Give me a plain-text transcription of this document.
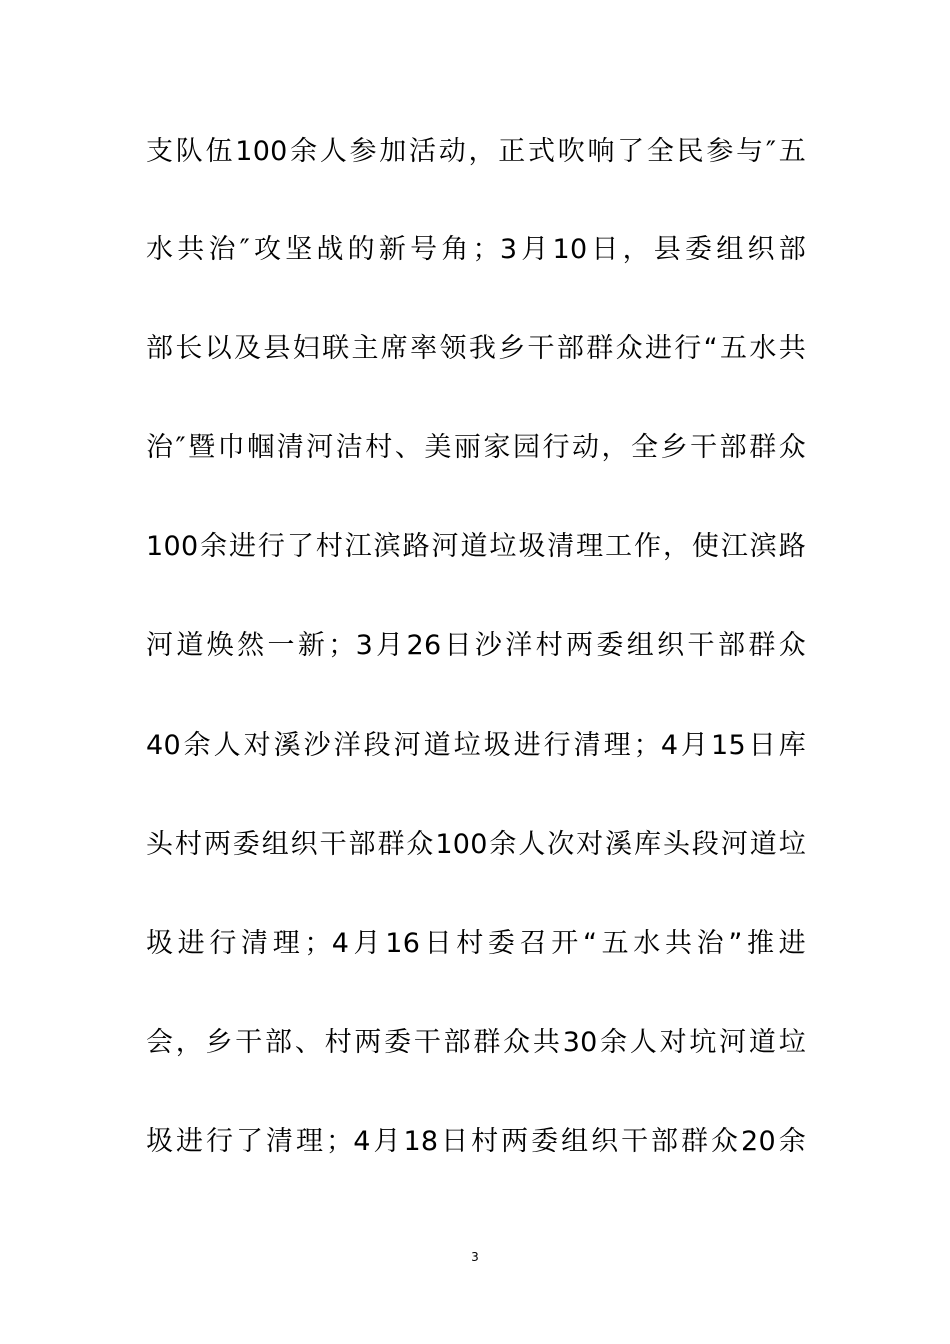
支队伍100余人参加活动，正式吹响了全民参与″五
水共治″攻坚战的新号角；3月10日，县委组织部
部长以及县妇联主席率领我乡干部群众进行“五水共
治″暨巾帼清河洁村、美丽家园行动，全乡干部群众
100余进行了村江滨路河道垃圾清理工作，使江滨路
河道焕然一新；3月26日沙洋村两委组织干部群众
40余人对溪沙洋段河道垃圾进行清理；4月15日库
头村两委组织干部群众100余人次对溪库头段河道垃
圾进行清理；4月16日村委召开“五水共治”推进
会，乡干部、村两委干部群众共30余人对坑河道垃
圾进行了清理；4月18日村两委组织干部群众20余
3
